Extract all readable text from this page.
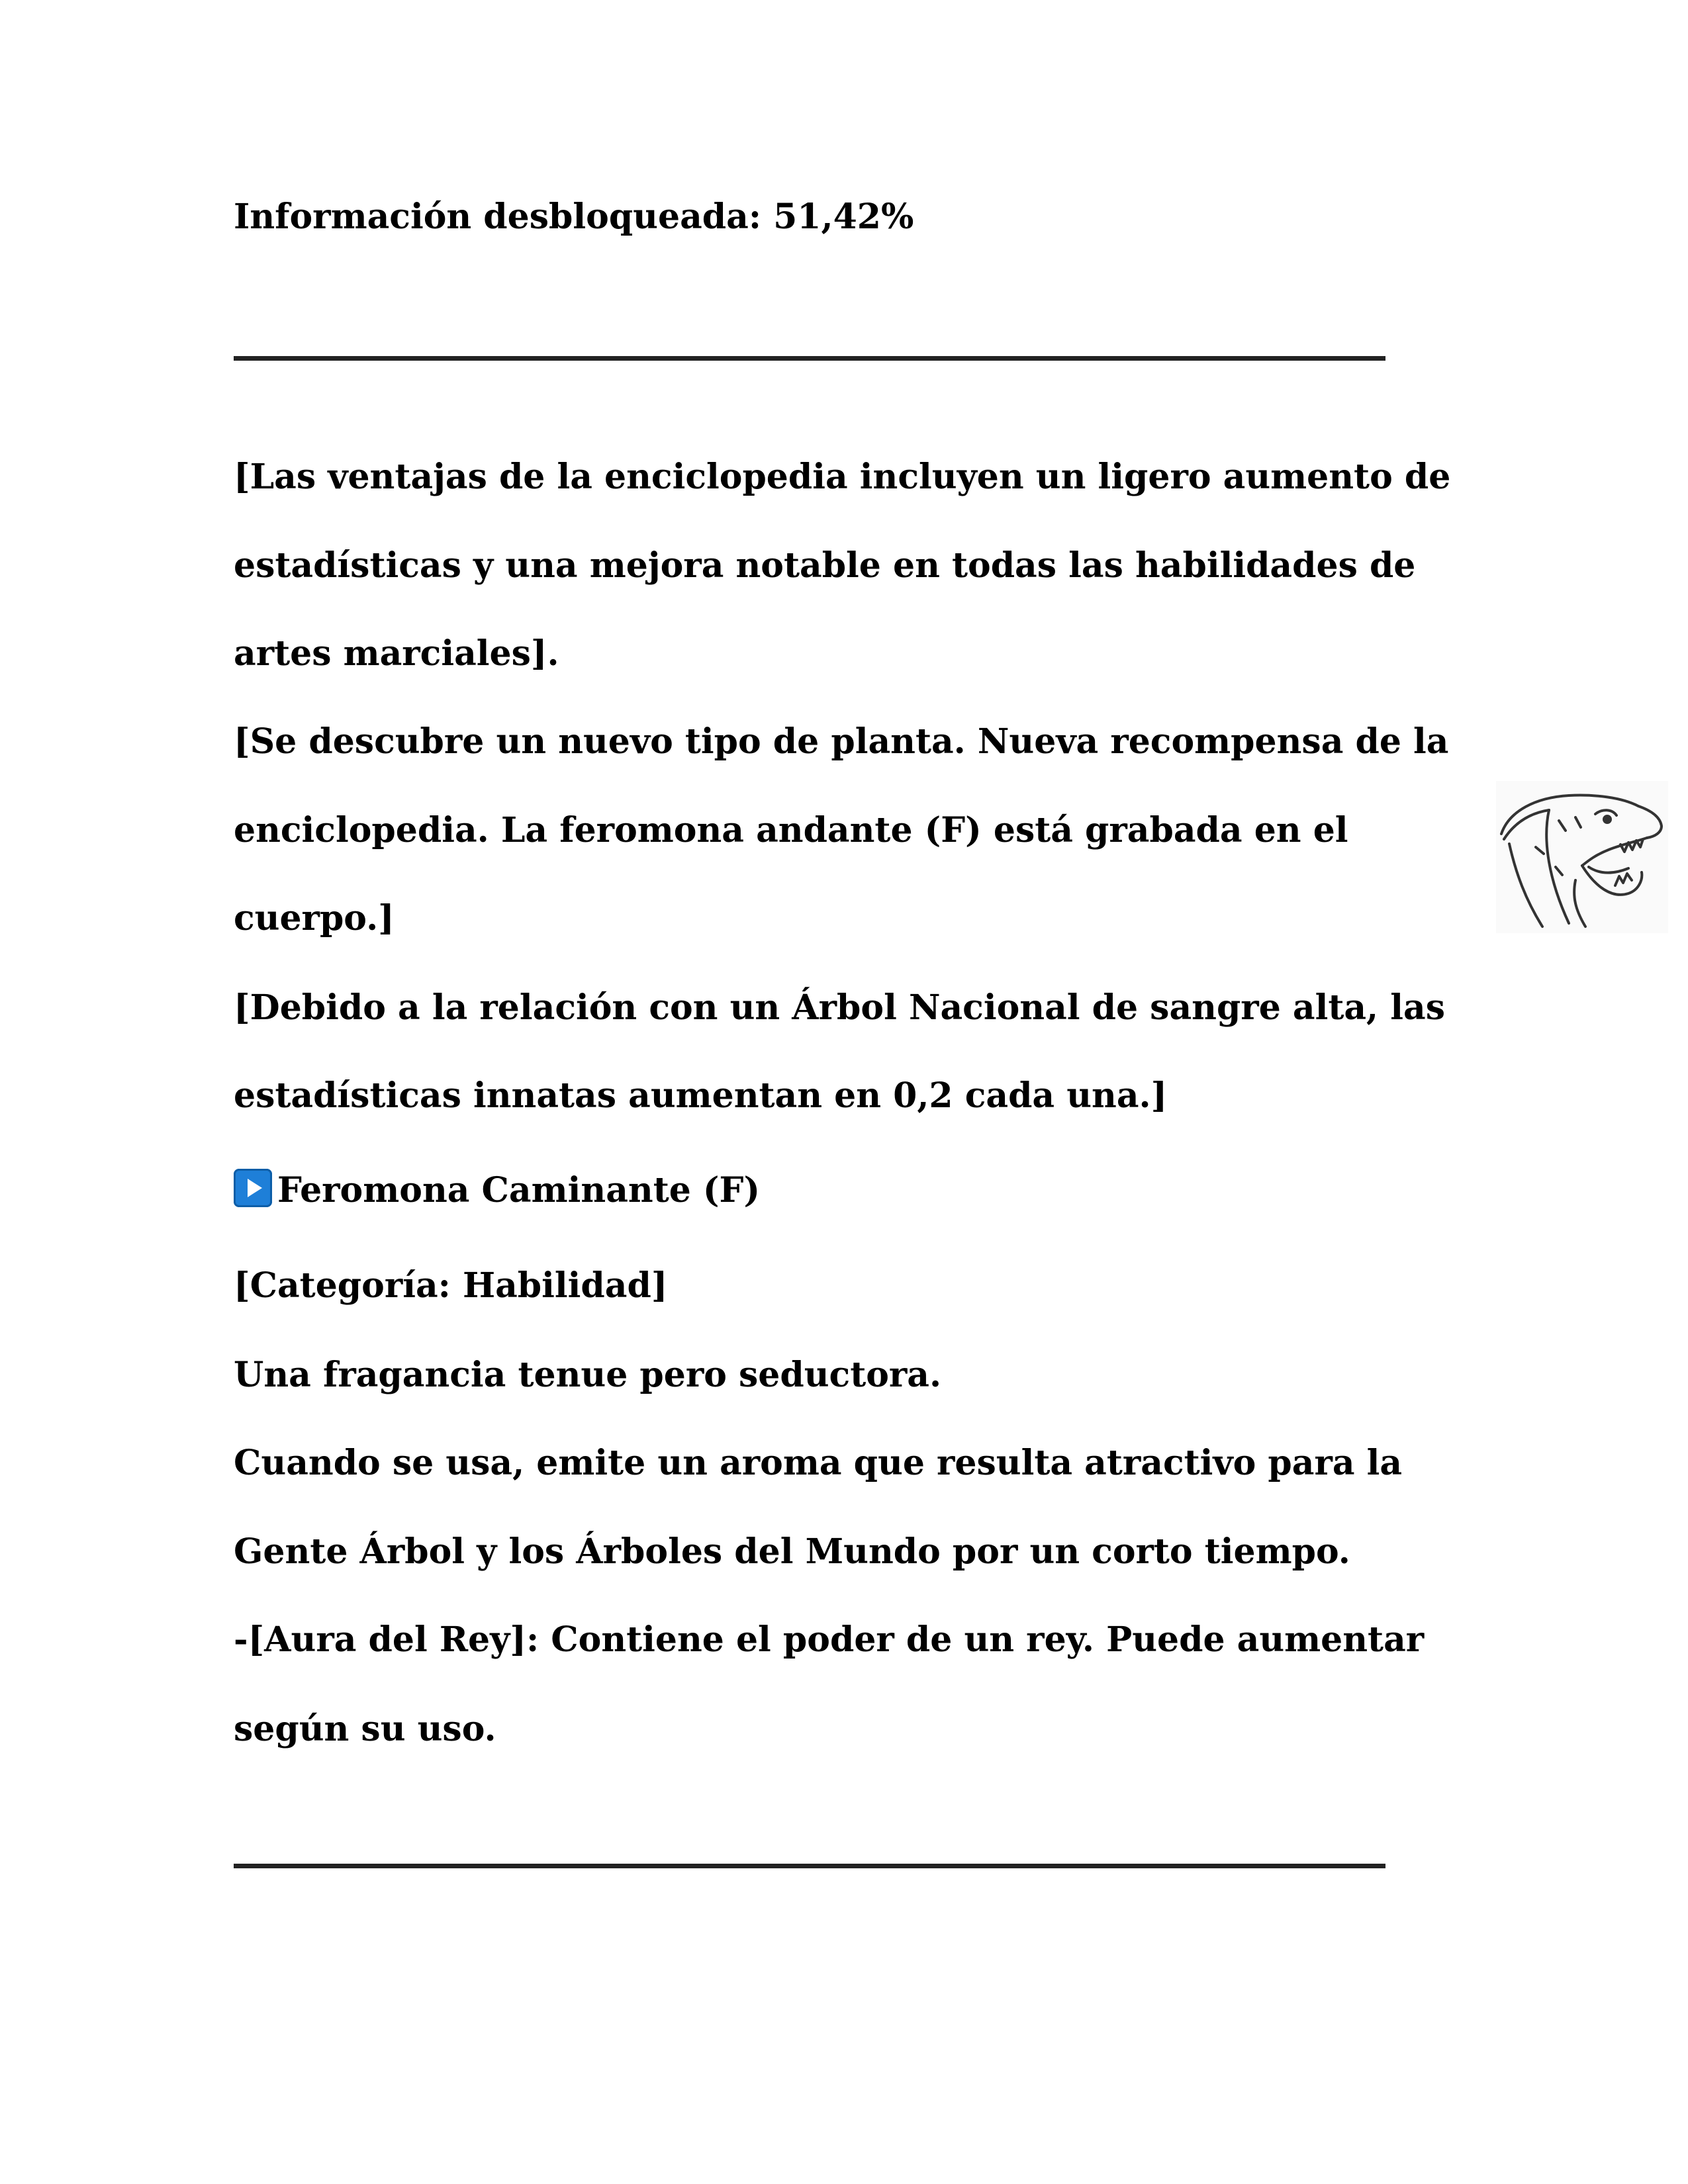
Información desbloqueada: 51,42%
[Las ventajas de la enciclopedia incluyen un ligero aumento de
estadísticas y una mejora notable en todas las habilidades de
artes marciales].
[Se descubre un nuevo tipo de planta. Nueva recompensa de la
enciclopedia. La feromona andante (F) está grabada en el
cuerpo.]
[Debido a la relación con un Árbol Nacional de sangre alta, las
estadísticas innatas aumentan en 0,2 cada una.]
Feromona Caminante (F)
[Categoría: Habilidad]
Una fragancia tenue pero seductora.
Cuando se usa, emite un aroma que resulta atractivo para la
Gente Árbol y los Árboles del Mundo por un corto tiempo.
-[Aura del Rey]: Contiene el poder de un rey. Puede aumentar
según su uso.
